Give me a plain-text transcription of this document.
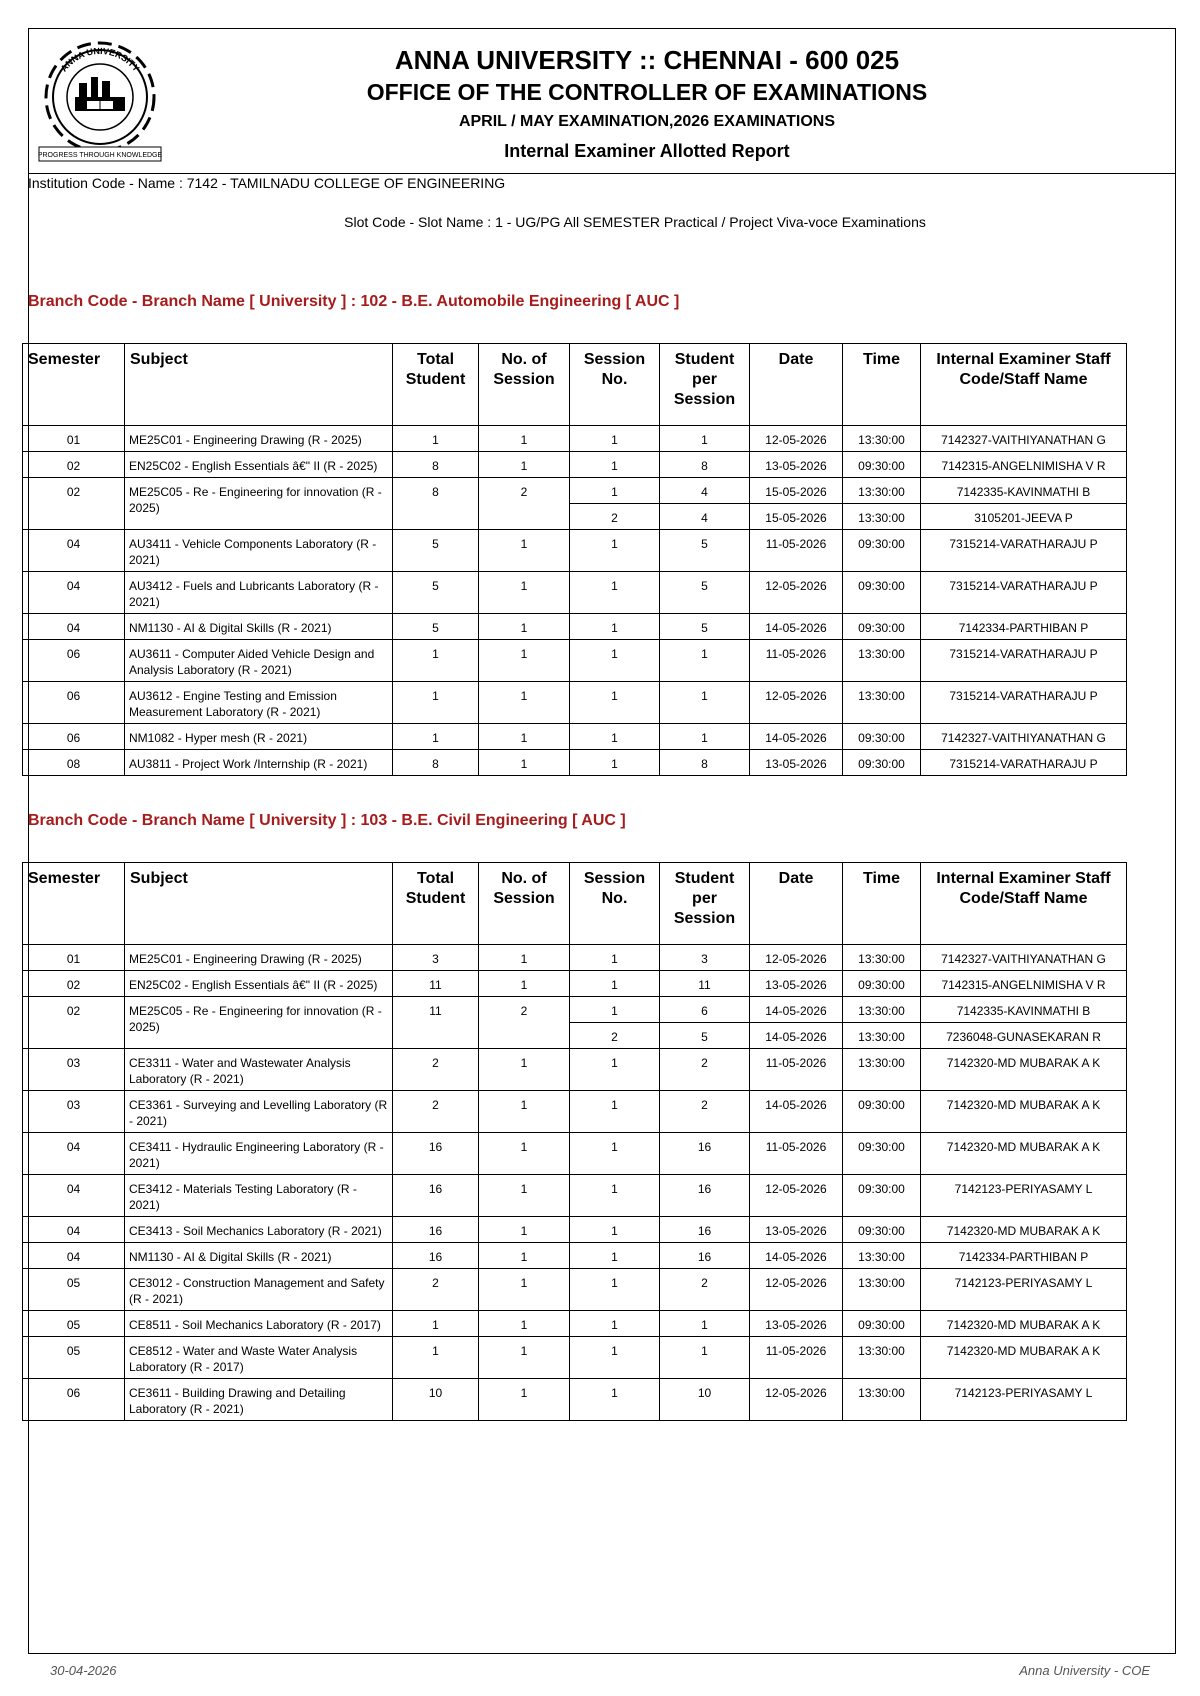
ANNA UNIVERSITY
PROGRESS THROUGH KNOWLEDGE
ANNA UNIVERSITY :: CHENNAI - 600 025
OFFICE OF THE CONTROLLER OF EXAMINATIONS
APRIL / MAY EXAMINATION,2026 EXAMINATIONS
Internal Examiner Allotted Report
Institution Code - Name : 7142 - TAMILNADU COLLEGE OF ENGINEERING
Slot Code - Slot Name : 1 - UG/PG All SEMESTER Practical / Project Viva-voce Examinations
Branch Code - Branch Name [ University ] : 102 - B.E. Automobile Engineering [ AUC ]
Semester	Subject	Total Student	No. of Session	Session No.	Student per Session	Date	Time	Internal Examiner Staff Code/Staff Name
01	ME25C01 - Engineering Drawing (R - 2025)	1	1	1	1	12-05-2026	13:30:00	7142327-VAITHIYANATHAN G
02	EN25C02 - English Essentials â€" II (R - 2025)	8	1	1	8	13-05-2026	09:30:00	7142315-ANGELNIMISHA V R
02	ME25C05 - Re - Engineering for innovation (R - 2025)	8	2	1	4	15-05-2026	13:30:00	7142335-KAVINMATHI B
				2	4	15-05-2026	13:30:00	3105201-JEEVA P
04	AU3411 - Vehicle Components Laboratory (R - 2021)	5	1	1	5	11-05-2026	09:30:00	7315214-VARATHARAJU P
04	AU3412 - Fuels and Lubricants Laboratory (R - 2021)	5	1	1	5	12-05-2026	09:30:00	7315214-VARATHARAJU P
04	NM1130 - AI & Digital Skills (R - 2021)	5	1	1	5	14-05-2026	09:30:00	7142334-PARTHIBAN P
06	AU3611 - Computer Aided Vehicle Design and Analysis Laboratory (R - 2021)	1	1	1	1	11-05-2026	13:30:00	7315214-VARATHARAJU P
06	AU3612 - Engine Testing and Emission Measurement Laboratory (R - 2021)	1	1	1	1	12-05-2026	13:30:00	7315214-VARATHARAJU P
06	NM1082 - Hyper mesh (R - 2021)	1	1	1	1	14-05-2026	09:30:00	7142327-VAITHIYANATHAN G
08	AU3811 - Project Work /Internship (R - 2021)	8	1	1	8	13-05-2026	09:30:00	7315214-VARATHARAJU P
Branch Code - Branch Name [ University ] : 103 - B.E. Civil Engineering [ AUC ]
Semester	Subject	Total Student	No. of Session	Session No.	Student per Session	Date	Time	Internal Examiner Staff Code/Staff Name
01	ME25C01 - Engineering Drawing (R - 2025)	3	1	1	3	12-05-2026	13:30:00	7142327-VAITHIYANATHAN G
02	EN25C02 - English Essentials â€" II (R - 2025)	11	1	1	11	13-05-2026	09:30:00	7142315-ANGELNIMISHA V R
02	ME25C05 - Re - Engineering for innovation (R - 2025)	11	2	1	6	14-05-2026	13:30:00	7142335-KAVINMATHI B
				2	5	14-05-2026	13:30:00	7236048-GUNASEKARAN R
03	CE3311 - Water and Wastewater Analysis Laboratory (R - 2021)	2	1	1	2	11-05-2026	13:30:00	7142320-MD MUBARAK A K
03	CE3361 - Surveying and Levelling Laboratory (R - 2021)	2	1	1	2	14-05-2026	09:30:00	7142320-MD MUBARAK A K
04	CE3411 - Hydraulic Engineering Laboratory (R - 2021)	16	1	1	16	11-05-2026	09:30:00	7142320-MD MUBARAK A K
04	CE3412 - Materials Testing Laboratory (R - 2021)	16	1	1	16	12-05-2026	09:30:00	7142123-PERIYASAMY L
04	CE3413 - Soil Mechanics Laboratory (R - 2021)	16	1	1	16	13-05-2026	09:30:00	7142320-MD MUBARAK A K
04	NM1130 - AI & Digital Skills (R - 2021)	16	1	1	16	14-05-2026	13:30:00	7142334-PARTHIBAN P
05	CE3012 - Construction Management and Safety (R - 2021)	2	1	1	2	12-05-2026	13:30:00	7142123-PERIYASAMY L
05	CE8511 - Soil Mechanics Laboratory (R - 2017)	1	1	1	1	13-05-2026	09:30:00	7142320-MD MUBARAK A K
05	CE8512 - Water and Waste Water Analysis Laboratory (R - 2017)	1	1	1	1	11-05-2026	13:30:00	7142320-MD MUBARAK A K
06	CE3611 - Building Drawing and Detailing Laboratory (R - 2021)	10	1	1	10	12-05-2026	13:30:00	7142123-PERIYASAMY L
30-04-2026	Anna University - COE
